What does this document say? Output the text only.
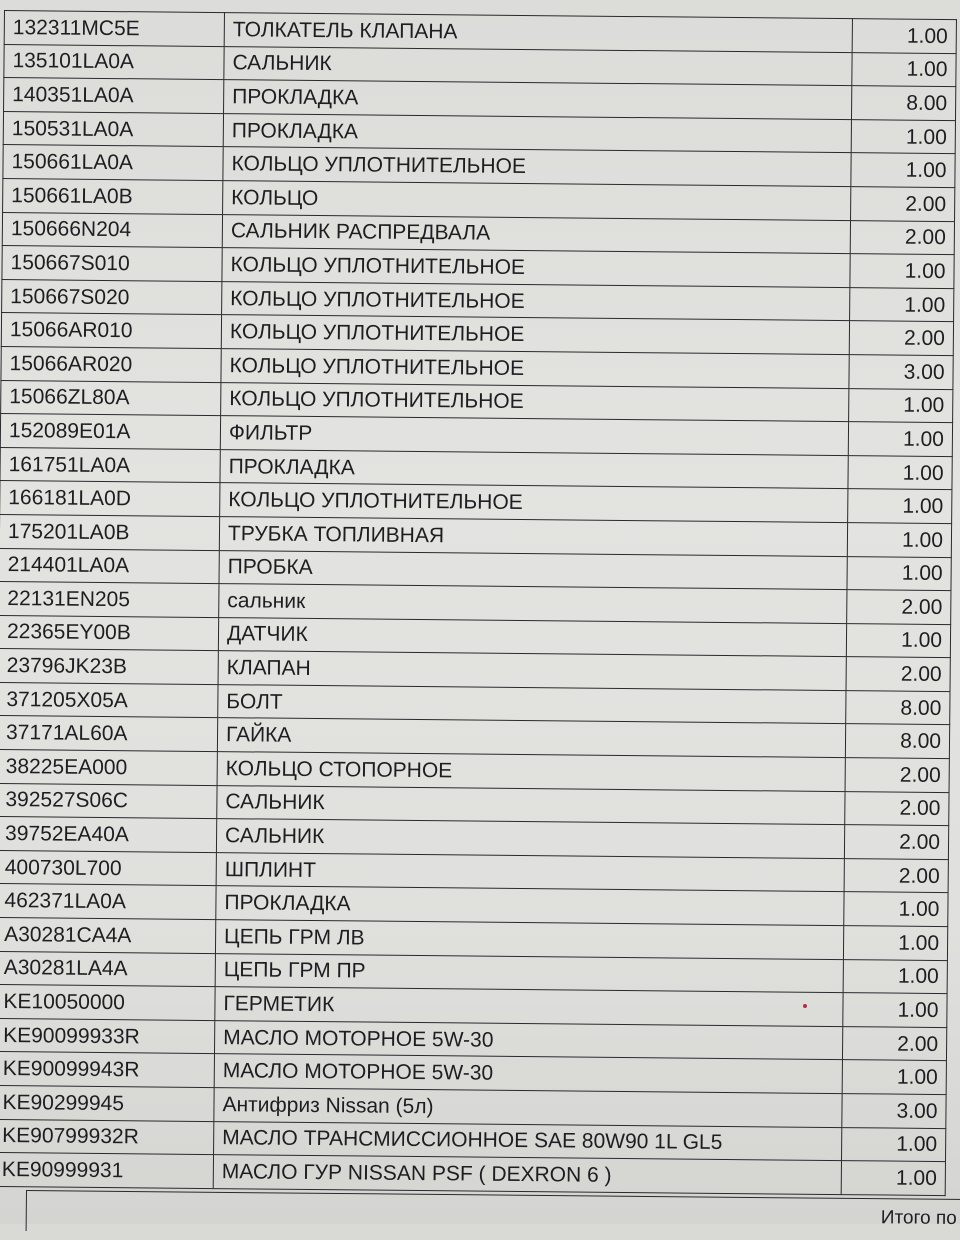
132311MC5E	ТОЛКАТЕЛЬ КЛАПАНА	1.00
135101LA0A	САЛЬНИК	1.00
140351LA0A	ПРОКЛАДКА	8.00
150531LA0A	ПРОКЛАДКА	1.00
150661LA0A	КОЛЬЦО УПЛОТНИТЕЛЬНОЕ	1.00
150661LA0B	КОЛЬЦО	2.00
150666N204	САЛЬНИК РАСПРЕДВАЛА	2.00
150667S010	КОЛЬЦО УПЛОТНИТЕЛЬНОЕ	1.00
150667S020	КОЛЬЦО УПЛОТНИТЕЛЬНОЕ	1.00
15066AR010	КОЛЬЦО УПЛОТНИТЕЛЬНОЕ	2.00
15066AR020	КОЛЬЦО УПЛОТНИТЕЛЬНОЕ	3.00
15066ZL80A	КОЛЬЦО УПЛОТНИТЕЛЬНОЕ	1.00
152089E01A	ФИЛЬТР	1.00
161751LA0A	ПРОКЛАДКА	1.00
166181LA0D	КОЛЬЦО УПЛОТНИТЕЛЬНОЕ	1.00
175201LA0B	ТРУБКА ТОПЛИВНАЯ	1.00
214401LA0A	ПРОБКА	1.00
22131EN205	сальник	2.00
22365EY00B	ДАТЧИК	1.00
23796JK23B	КЛАПАН	2.00
371205X05A	БОЛТ	8.00
37171AL60A	ГАЙКА	8.00
38225EA000	КОЛЬЦО СТОПОРНОЕ	2.00
392527S06C	САЛЬНИК	2.00
39752EA40A	САЛЬНИК	2.00
400730L700	ШПЛИНТ	2.00
462371LA0A	ПРОКЛАДКА	1.00
A30281CA4A	ЦЕПЬ ГРМ ЛВ	1.00
A30281LA4A	ЦЕПЬ ГРМ ПР	1.00
KE10050000	ГЕРМЕТИК	1.00
KE90099933R	МАСЛО МОТОРНОЕ 5W-30	2.00
KE90099943R	МАСЛО МОТОРНОЕ 5W-30	1.00
KE90299945	Антифриз Nissan (5л)	3.00
KE90799932R	МАСЛО ТРАНСМИССИОННОЕ SAE 80W90 1L GL5	1.00
KE90999931	МАСЛО ГУР NISSAN PSF ( DEXRON 6 )	1.00
Итого по
